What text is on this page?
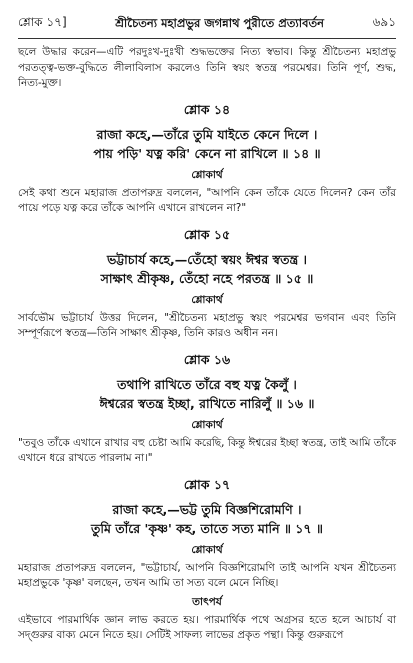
শ্লোক ১৭]	শ্রীচৈতন্য মহাপ্রভুর জগন্নাথ পুরীতে প্রত্যাবর্তন	৬৯১

ছলে উদ্ধার করেন—এটি পরদুঃখ-দুঃখী শুদ্ধভক্তের নিত্য স্বভাব। কিন্তু শ্রীচৈতন্য মহাপ্রভু পরতত্ত্ব-ভক্ত-বুদ্ধিতে লীলাবিলাস করলেও তিনি স্বয়ং স্বতন্ত্র পরমেশ্বর। তিনি পূর্ণ, শুদ্ধ, নিত্য-মুক্ত।

শ্লোক ১৪
রাজা কহে,—তাঁরে তুমি যাইতে কেনে দিলে ।
পায় পড়ি' যত্ন করি' কেনে না রাখিলে ॥ ১৪ ॥
শ্লোকার্থ

সেই কথা শুনে মহারাজ প্রতাপরুদ্র বললেন, "আপনি কেন তাঁকে যেতে দিলেন? কেন তাঁর পায়ে পড়ে যত্ন করে তাঁকে আপনি এখানে রাখলেন না?"

শ্লোক ১৫
ভট্টাচার্য কহে,—তেঁহো স্বয়ং ঈশ্বর স্বতন্ত্র ।
সাক্ষাৎ শ্রীকৃষ্ণ, তেঁহো নহে পরতন্ত্র ॥ ১৫ ॥
শ্লোকার্থ

সার্বভৌম ভট্টাচার্য উত্তর দিলেন, "শ্রীচৈতন্য মহাপ্রভু স্বয়ং পরমেশ্বর ভগবান এবং তিনি সম্পূর্ণরূপে স্বতন্ত্র—তিনি সাক্ষাৎ শ্রীকৃষ্ণ, তিনি কারও অধীন নন।

শ্লোক ১৬
তথাপি রাখিতে তাঁরে বহু যত্ন কৈলুঁ ।
ঈশ্বরের স্বতন্ত্র ইচ্ছা, রাখিতে নারিলুঁ ॥ ১৬ ॥
শ্লোকার্থ

"তবুও তাঁকে এখানে রাখার বহু চেষ্টা আমি করেছি, কিন্তু ঈশ্বরের ইচ্ছা স্বতন্ত্র, তাই আমি তাঁকে এখানে ধরে রাখতে পারলাম না।"

শ্লোক ১৭
রাজা কহে,—ভট্ট তুমি বিজ্ঞশিরোমণি ।
তুমি তাঁরে 'কৃষ্ণ' কহ, তাতে সত্য মানি ॥ ১৭ ॥
শ্লোকার্থ

মহারাজ প্রতাপরুদ্র বললেন, "ভট্টাচার্য, আপনি বিজ্ঞশিরোমণি তাই আপনি যখন শ্রীচৈতন্য মহাপ্রভুকে 'কৃষ্ণ' বলছেন, তখন আমি তা সত্য বলে মেনে নিচ্ছি।

তাৎপর্য

এইভাবে পারমার্থিক জ্ঞান লাভ করতে হয়। পারমার্থিক পথে অগ্রসর হতে হলে আচার্য বা সদ্গুরুর বাক্য মেনে নিতে হয়। সেটিই সাফল্য লাভের প্রকৃত পন্থা। কিন্তু গুরুরূপে
